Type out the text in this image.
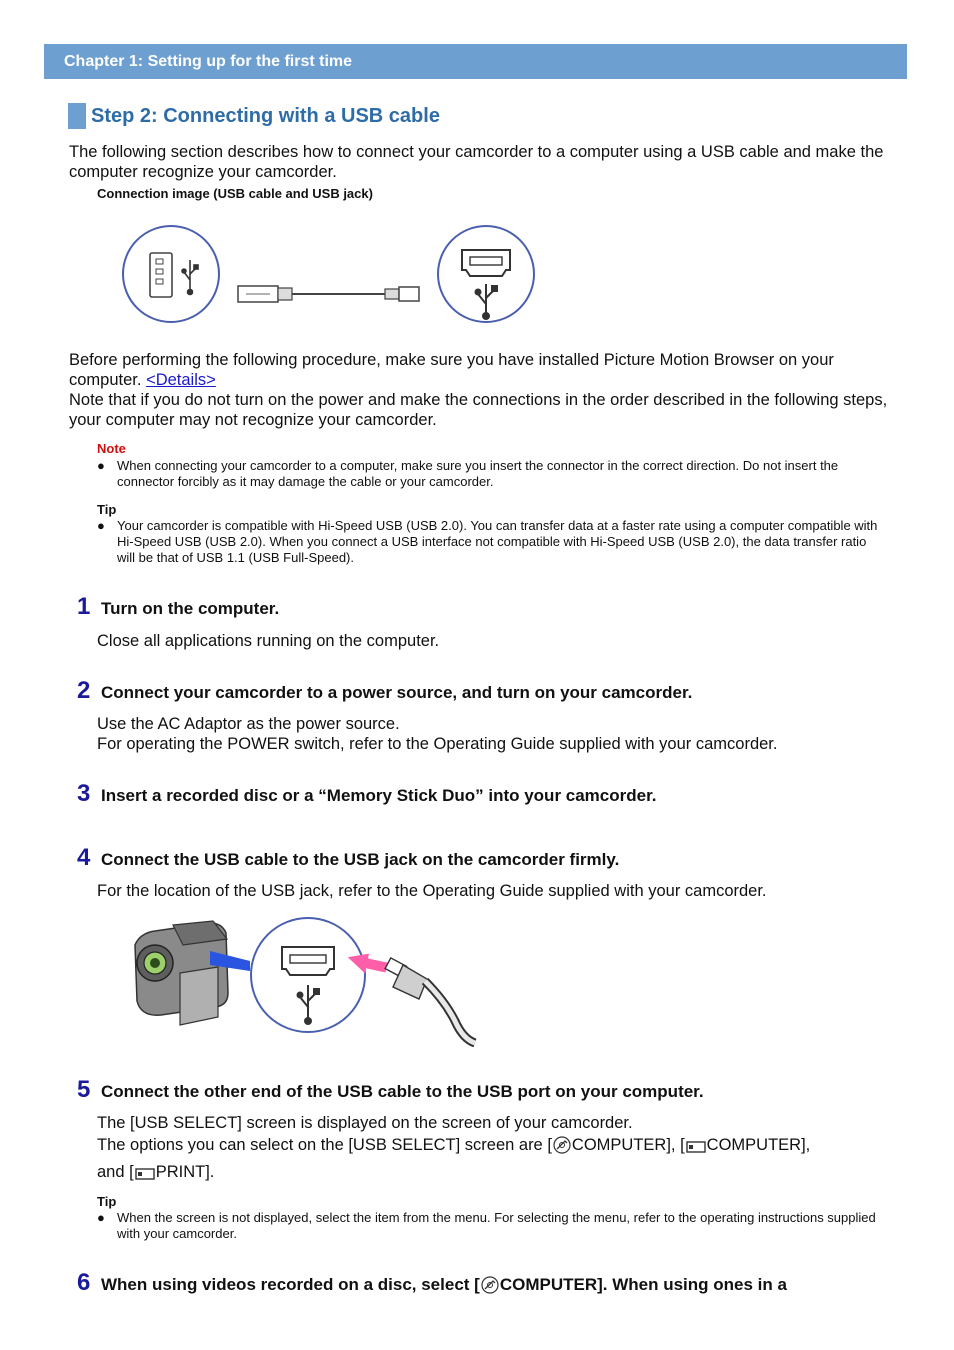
Chapter 1: Setting up for the first time
Step 2: Connecting with a USB cable
The following section describes how to connect your camcorder to a computer using a USB cable and make the computer recognize your camcorder.
Connection image (USB cable and USB jack)
Before performing the following procedure, make sure you have installed Picture Motion Browser on your computer. <Details>
Note that if you do not turn on the power and make the connections in the order described in the following steps, your computer may not recognize your camcorder.
Note
● When connecting your camcorder to a computer, make sure you insert the connector in the correct direction. Do not insert the connector forcibly as it may damage the cable or your camcorder.
Tip
● Your camcorder is compatible with Hi-Speed USB (USB 2.0). You can transfer data at a faster rate using a computer compatible with Hi-Speed USB (USB 2.0). When you connect a USB interface not compatible with Hi-Speed USB (USB 2.0), the data transfer ratio will be that of USB 1.1 (USB Full-Speed).
1 Turn on the computer.
Close all applications running on the computer.
2 Connect your camcorder to a power source, and turn on your camcorder.
Use the AC Adaptor as the power source.
For operating the POWER switch, refer to the Operating Guide supplied with your camcorder.
3 Insert a recorded disc or a “Memory Stick Duo” into your camcorder.
4 Connect the USB cable to the USB jack on the camcorder firmly.
For the location of the USB jack, refer to the Operating Guide supplied with your camcorder.
5 Connect the other end of the USB cable to the USB port on your computer.
The [USB SELECT] screen is displayed on the screen of your camcorder.
The options you can select on the [USB SELECT] screen are [ COMPUTER], [ COMPUTER],
and [ PRINT].
Tip
● When the screen is not displayed, select the item from the menu. For selecting the menu, refer to the operating instructions supplied with your camcorder.
6 When using videos recorded on a disc, select [ COMPUTER]. When using ones in a
